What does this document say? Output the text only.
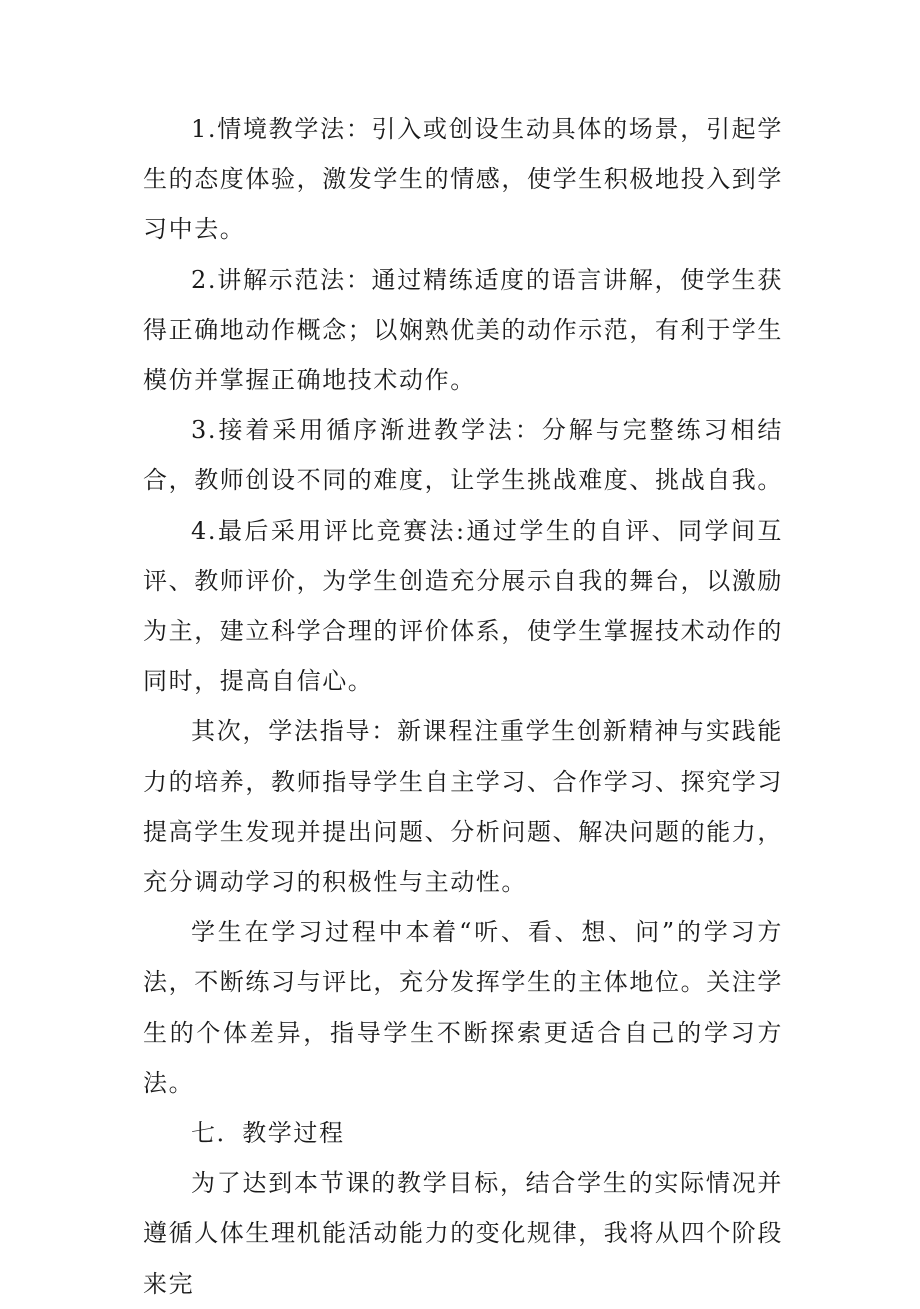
1.情境教学法：引入或创设生动具体的场景，引起学生的态度体验，激发学生的情感，使学生积极地投入到学习中去。

2.讲解示范法：通过精练适度的语言讲解，使学生获得正确地动作概念；以娴熟优美的动作示范，有利于学生模仿并掌握正确地技术动作。

3.接着采用循序渐进教学法：分解与完整练习相结合，教师创设不同的难度，让学生挑战难度、挑战自我。

4.最后采用评比竞赛法:通过学生的自评、同学间互评、教师评价，为学生创造充分展示自我的舞台，以激励为主，建立科学合理的评价体系，使学生掌握技术动作的同时，提高自信心。

其次，学法指导：新课程注重学生创新精神与实践能力的培养，教师指导学生自主学习、合作学习、探究学习提高学生发现并提出问题、分析问题、解决问题的能力，充分调动学习的积极性与主动性。

学生在学习过程中本着“听、看、想、问”的学习方法，不断练习与评比，充分发挥学生的主体地位。关注学生的个体差异，指导学生不断探索更适合自己的学习方法。

七．教学过程

为了达到本节课的教学目标，结合学生的实际情况并遵循人体生理机能活动能力的变化规律，我将从四个阶段来完
